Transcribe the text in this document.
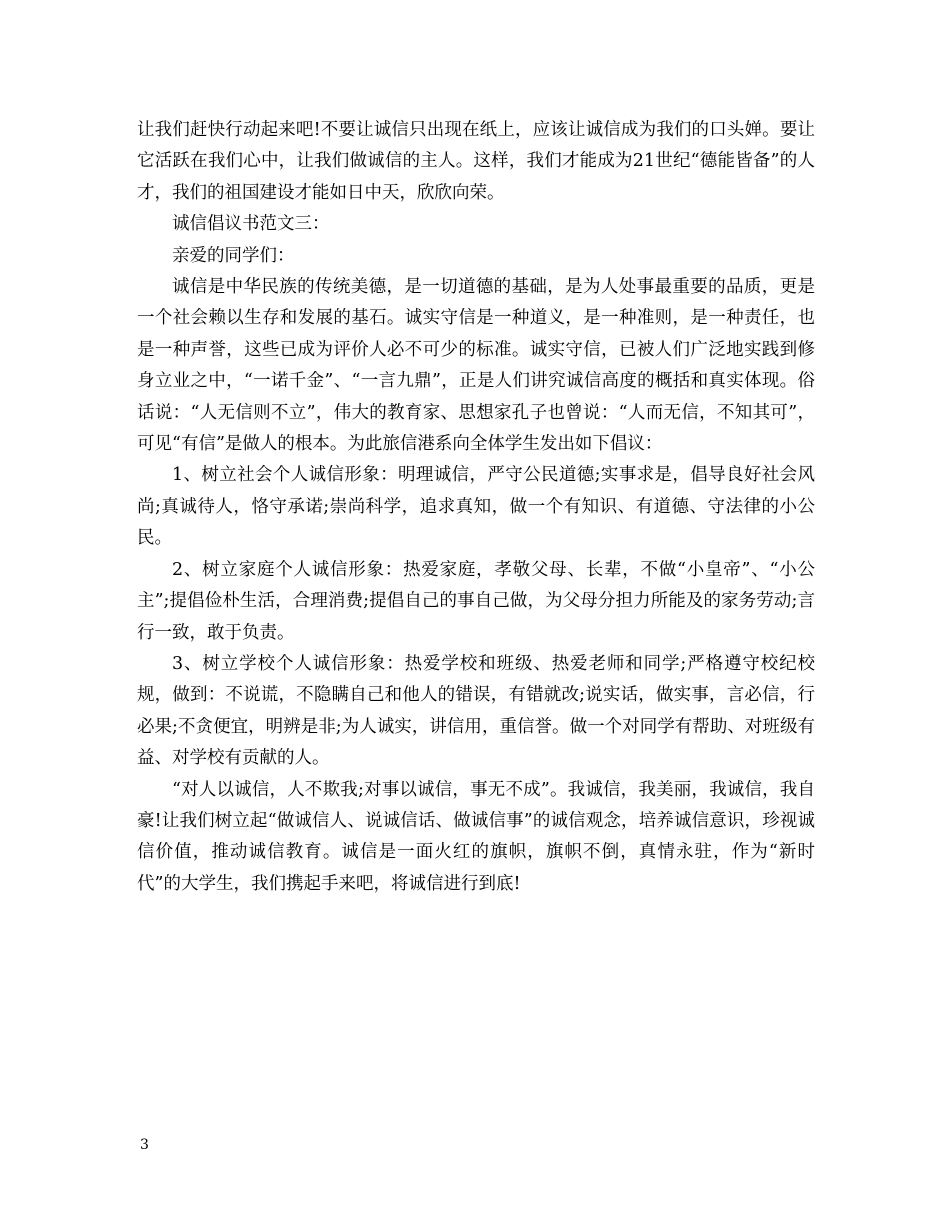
让我们赶快行动起来吧!不要让诚信只出现在纸上，应该让诚信成为我们的口头婵。要让它活跃在我们心中，让我们做诚信的主人。这样，我们才能成为21世纪“德能皆备”的人才，我们的祖国建设才能如日中天，欣欣向荣。

诚信倡议书范文三：

亲爱的同学们：

诚信是中华民族的传统美德，是一切道德的基础，是为人处事最重要的品质，更是一个社会赖以生存和发展的基石。诚实守信是一种道义，是一种准则，是一种责任，也是一种声誉，这些已成为评价人必不可少的标准。诚实守信，已被人们广泛地实践到修身立业之中，“一诺千金”、“一言九鼎”，正是人们讲究诚信高度的概括和真实体现。俗话说：“人无信则不立”，伟大的教育家、思想家孔子也曾说：“人而无信，不知其可”，可见“有信”是做人的根本。为此旅信港系向全体学生发出如下倡议：

1、树立社会个人诚信形象：明理诚信，严守公民道德;实事求是，倡导良好社会风尚;真诚待人，恪守承诺;崇尚科学，追求真知，做一个有知识、有道德、守法律的小公民。

2、树立家庭个人诚信形象：热爱家庭，孝敬父母、长辈，不做“小皇帝”、“小公主”;提倡俭朴生活，合理消费;提倡自己的事自己做，为父母分担力所能及的家务劳动;言行一致，敢于负责。

3、树立学校个人诚信形象：热爱学校和班级、热爱老师和同学;严格遵守校纪校规，做到：不说谎，不隐瞒自己和他人的错误，有错就改;说实话，做实事，言必信，行必果;不贪便宜，明辨是非;为人诚实，讲信用，重信誉。做一个对同学有帮助、对班级有益、对学校有贡献的人。

“对人以诚信，人不欺我;对事以诚信，事无不成”。我诚信，我美丽，我诚信，我自豪!让我们树立起“做诚信人、说诚信话、做诚信事”的诚信观念，培养诚信意识，珍视诚信价值，推动诚信教育。诚信是一面火红的旗帜，旗帜不倒，真情永驻，作为“新时代”的大学生，我们携起手来吧，将诚信进行到底!

3
